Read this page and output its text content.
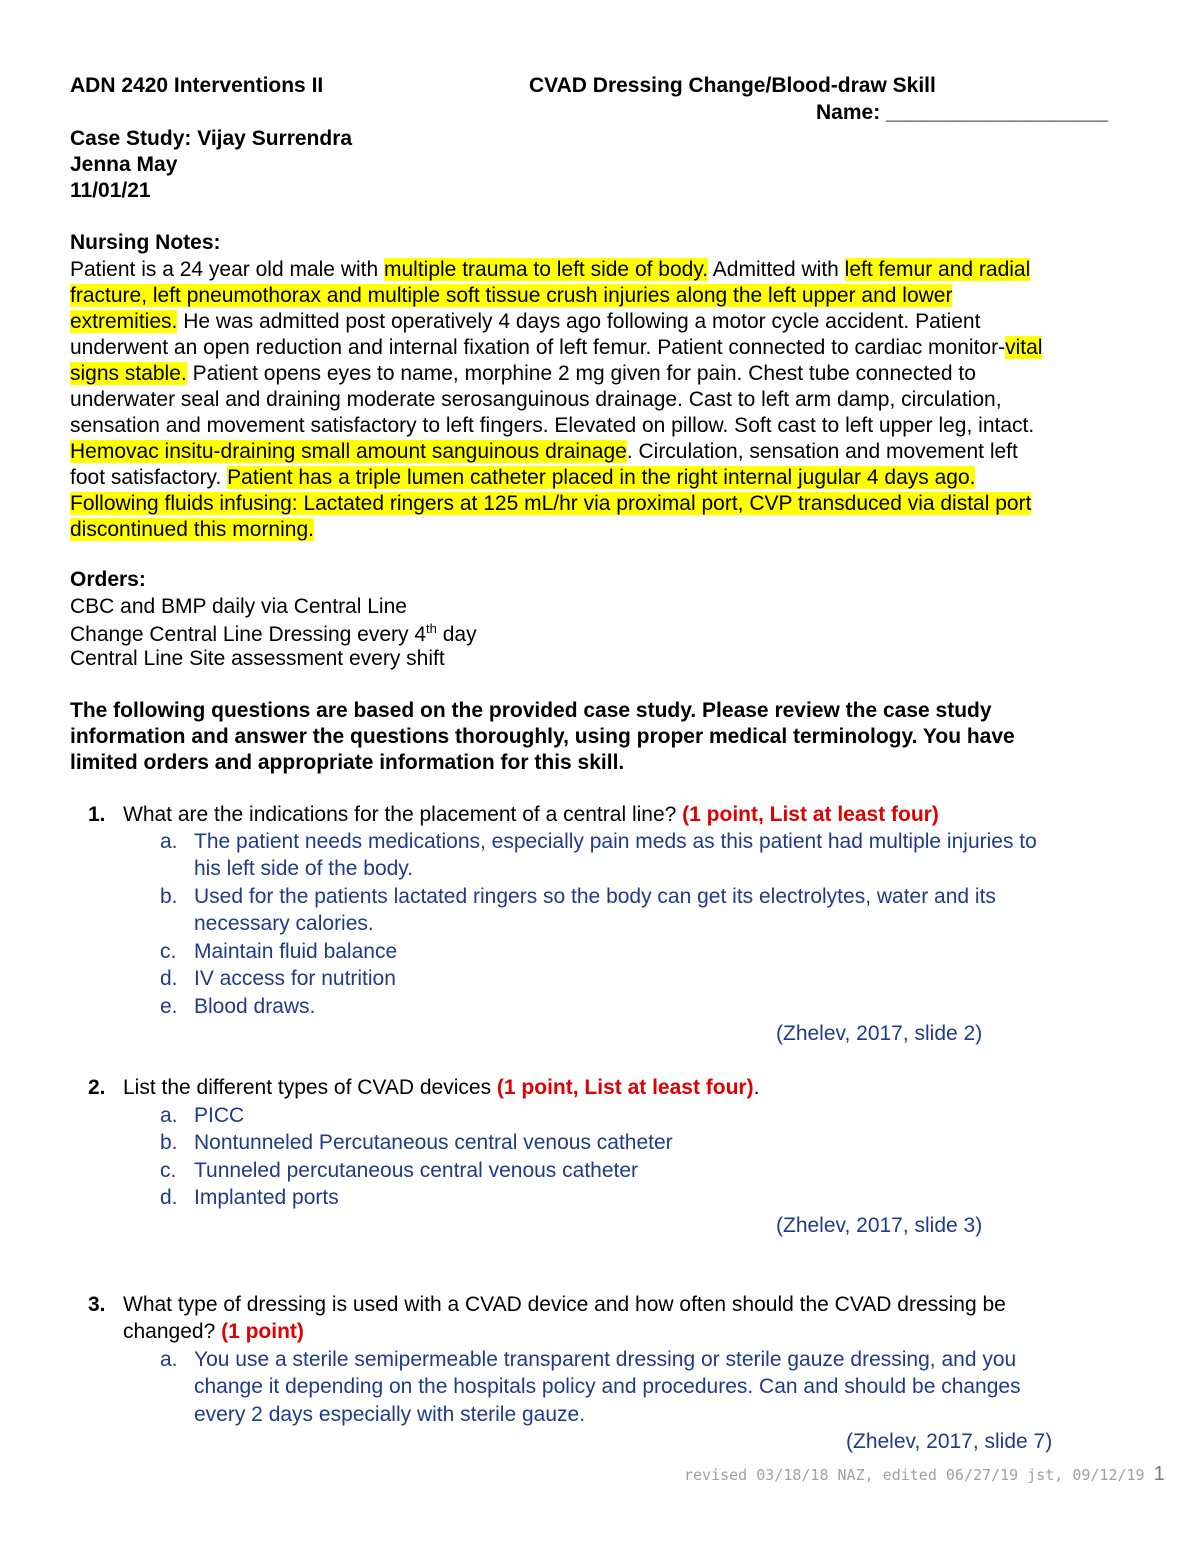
ADN 2420 Interventions II	CVAD Dressing Change/Blood-draw Skill
Name: ___________________
Case Study: Vijay Surrendra
Jenna May
11/01/21
Nursing Notes:
Patient is a 24 year old male with multiple trauma to left side of body. Admitted with left femur and radial
fracture, left pneumothorax and multiple soft tissue crush injuries along the left upper and lower
extremities. He was admitted post operatively 4 days ago following a motor cycle accident. Patient
underwent an open reduction and internal fixation of left femur. Patient connected to cardiac monitor-vital
signs stable. Patient opens eyes to name, morphine 2 mg given for pain. Chest tube connected to
underwater seal and draining moderate serosanguinous drainage. Cast to left arm damp, circulation,
sensation and movement satisfactory to left fingers. Elevated on pillow. Soft cast to left upper leg, intact.
Hemovac insitu-draining small amount sanguinous drainage. Circulation, sensation and movement left
foot satisfactory. Patient has a triple lumen catheter placed in the right internal jugular 4 days ago.
Following fluids infusing: Lactated ringers at 125 mL/hr via proximal port, CVP transduced via distal port
discontinued this morning.
Orders:
CBC and BMP daily via Central Line
Change Central Line Dressing every 4th day
Central Line Site assessment every shift
The following questions are based on the provided case study. Please review the case study
information and answer the questions thoroughly, using proper medical terminology. You have
limited orders and appropriate information for this skill.
1. What are the indications for the placement of a central line? (1 point, List at least four)
a. The patient needs medications, especially pain meds as this patient had multiple injuries to
his left side of the body.
b. Used for the patients lactated ringers so the body can get its electrolytes, water and its
necessary calories.
c. Maintain fluid balance
d. IV access for nutrition
e. Blood draws.
(Zhelev, 2017, slide 2)
2. List the different types of CVAD devices (1 point, List at least four).
a. PICC
b. Nontunneled Percutaneous central venous catheter
c. Tunneled percutaneous central venous catheter
d. Implanted ports
(Zhelev, 2017, slide 3)
3. What type of dressing is used with a CVAD device and how often should the CVAD dressing be
changed? (1 point)
a. You use a sterile semipermeable transparent dressing or sterile gauze dressing, and you
change it depending on the hospitals policy and procedures. Can and should be changes
every 2 days especially with sterile gauze.
(Zhelev, 2017, slide 7)
revised 03/18/18 NAZ, edited 06/27/19 jst, 09/12/19 1
